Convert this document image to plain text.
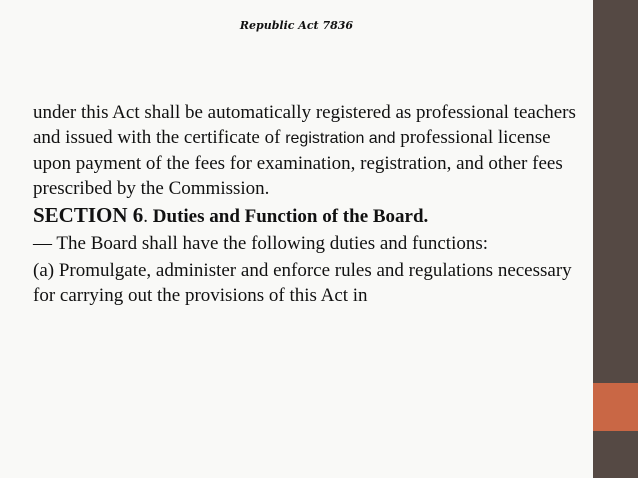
Republic Act 7836

under this Act shall be automatically registered as professional teachers and issued with the certificate of registration and professional license upon payment of the fees for examination, registration, and other fees prescribed by the Commission.

SECTION 6. Duties and Function of the Board.

— The Board shall have the following duties and functions:

(a) Promulgate, administer and enforce rules and regulations necessary for carrying out the provisions of this Act in
